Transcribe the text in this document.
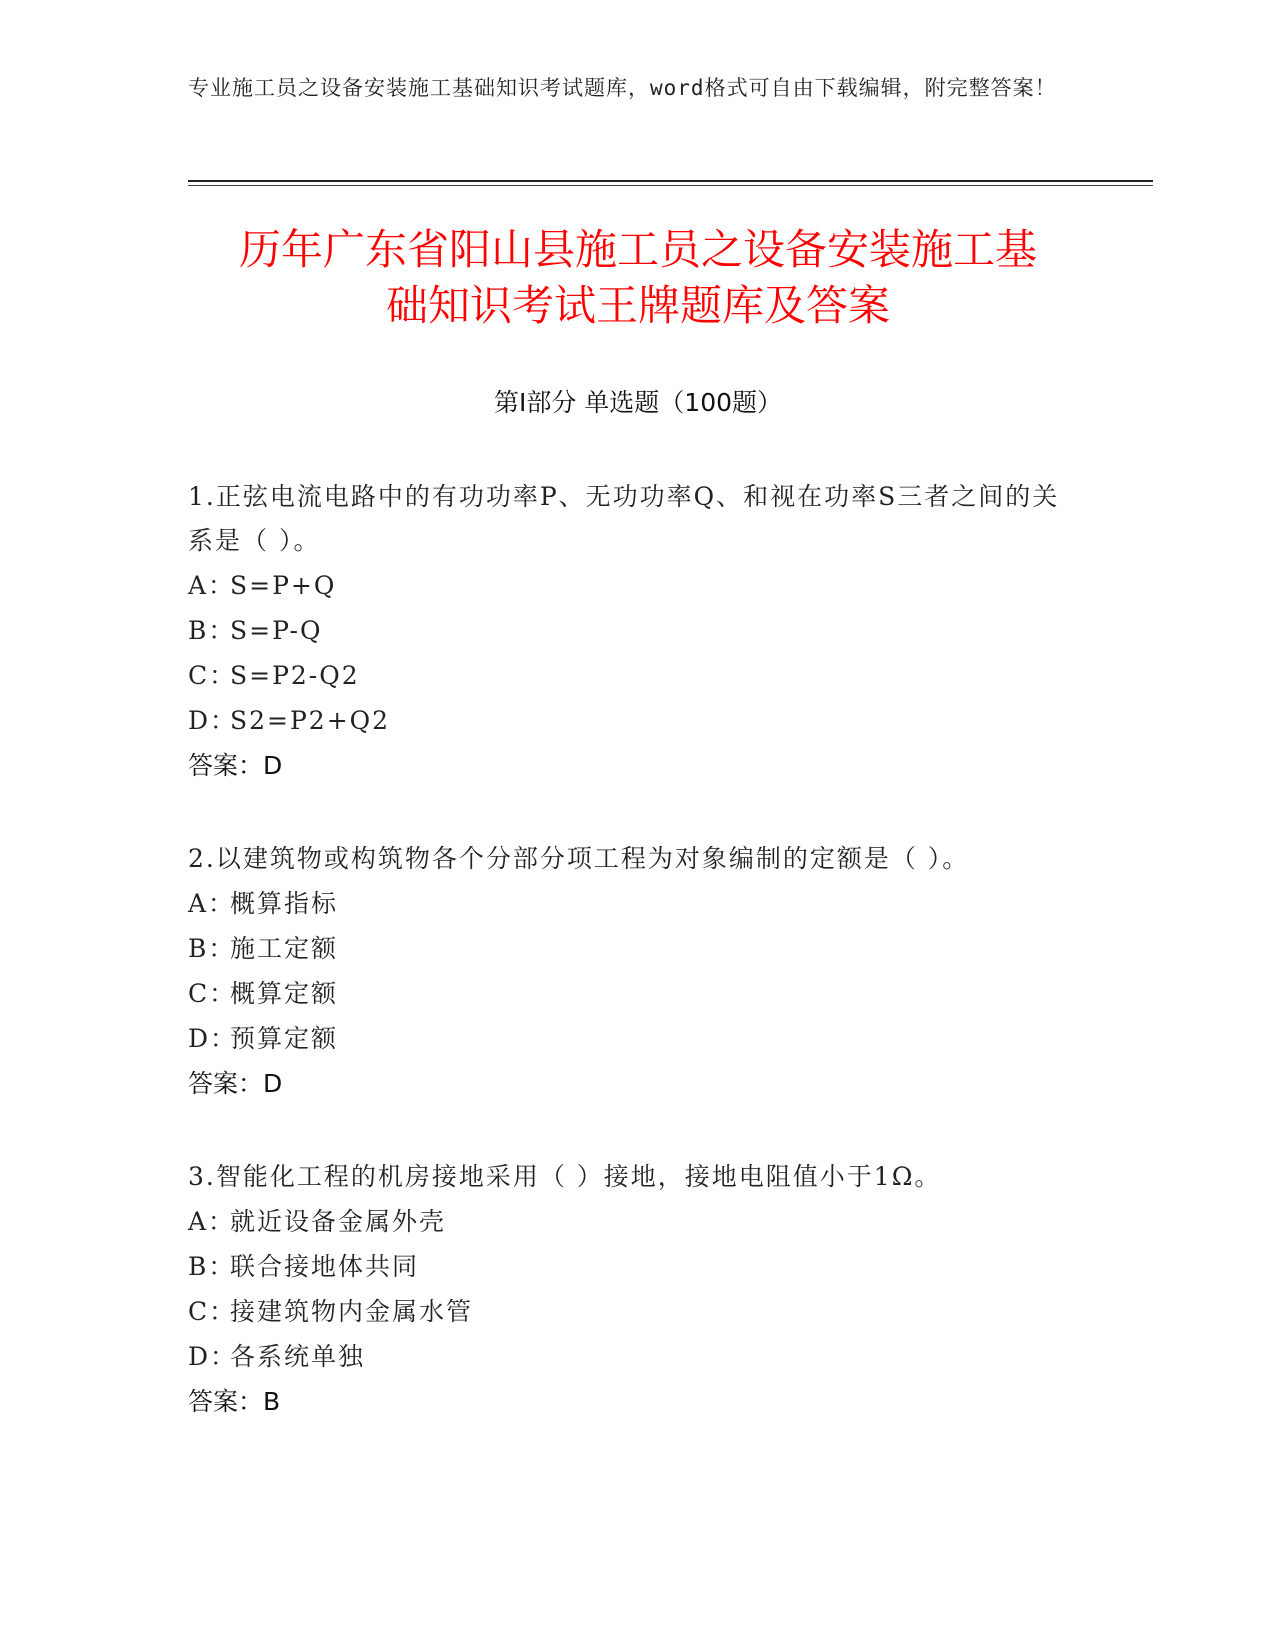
专业施工员之设备安装施工基础知识考试题库，word格式可自由下载编辑，附完整答案！
历年广东省阳山县施工员之设备安装施工基
础知识考试王牌题库及答案
第Ⅰ部分 单选题（100题）
1.正弦电流电路中的有功功率P、无功功率Q、和视在功率S三者之间的关系是（ ）。
A：
S=P+Q
B：
S=P-Q
C：
S=P2-Q2
D：
S2=P2+Q2
答案：D
2.以建筑物或构筑物各个分部分项工程为对象编制的定额是（ ）。
A：
概算指标
B：
施工定额
C：
概算定额
D：
预算定额
答案：D
3.智能化工程的机房接地采用（ ）接地，接地电阻值小于1Ω。
A：
就近设备金属外壳
B：
联合接地体共同
C：
接建筑物内金属水管
D：
各系统单独
答案：B
